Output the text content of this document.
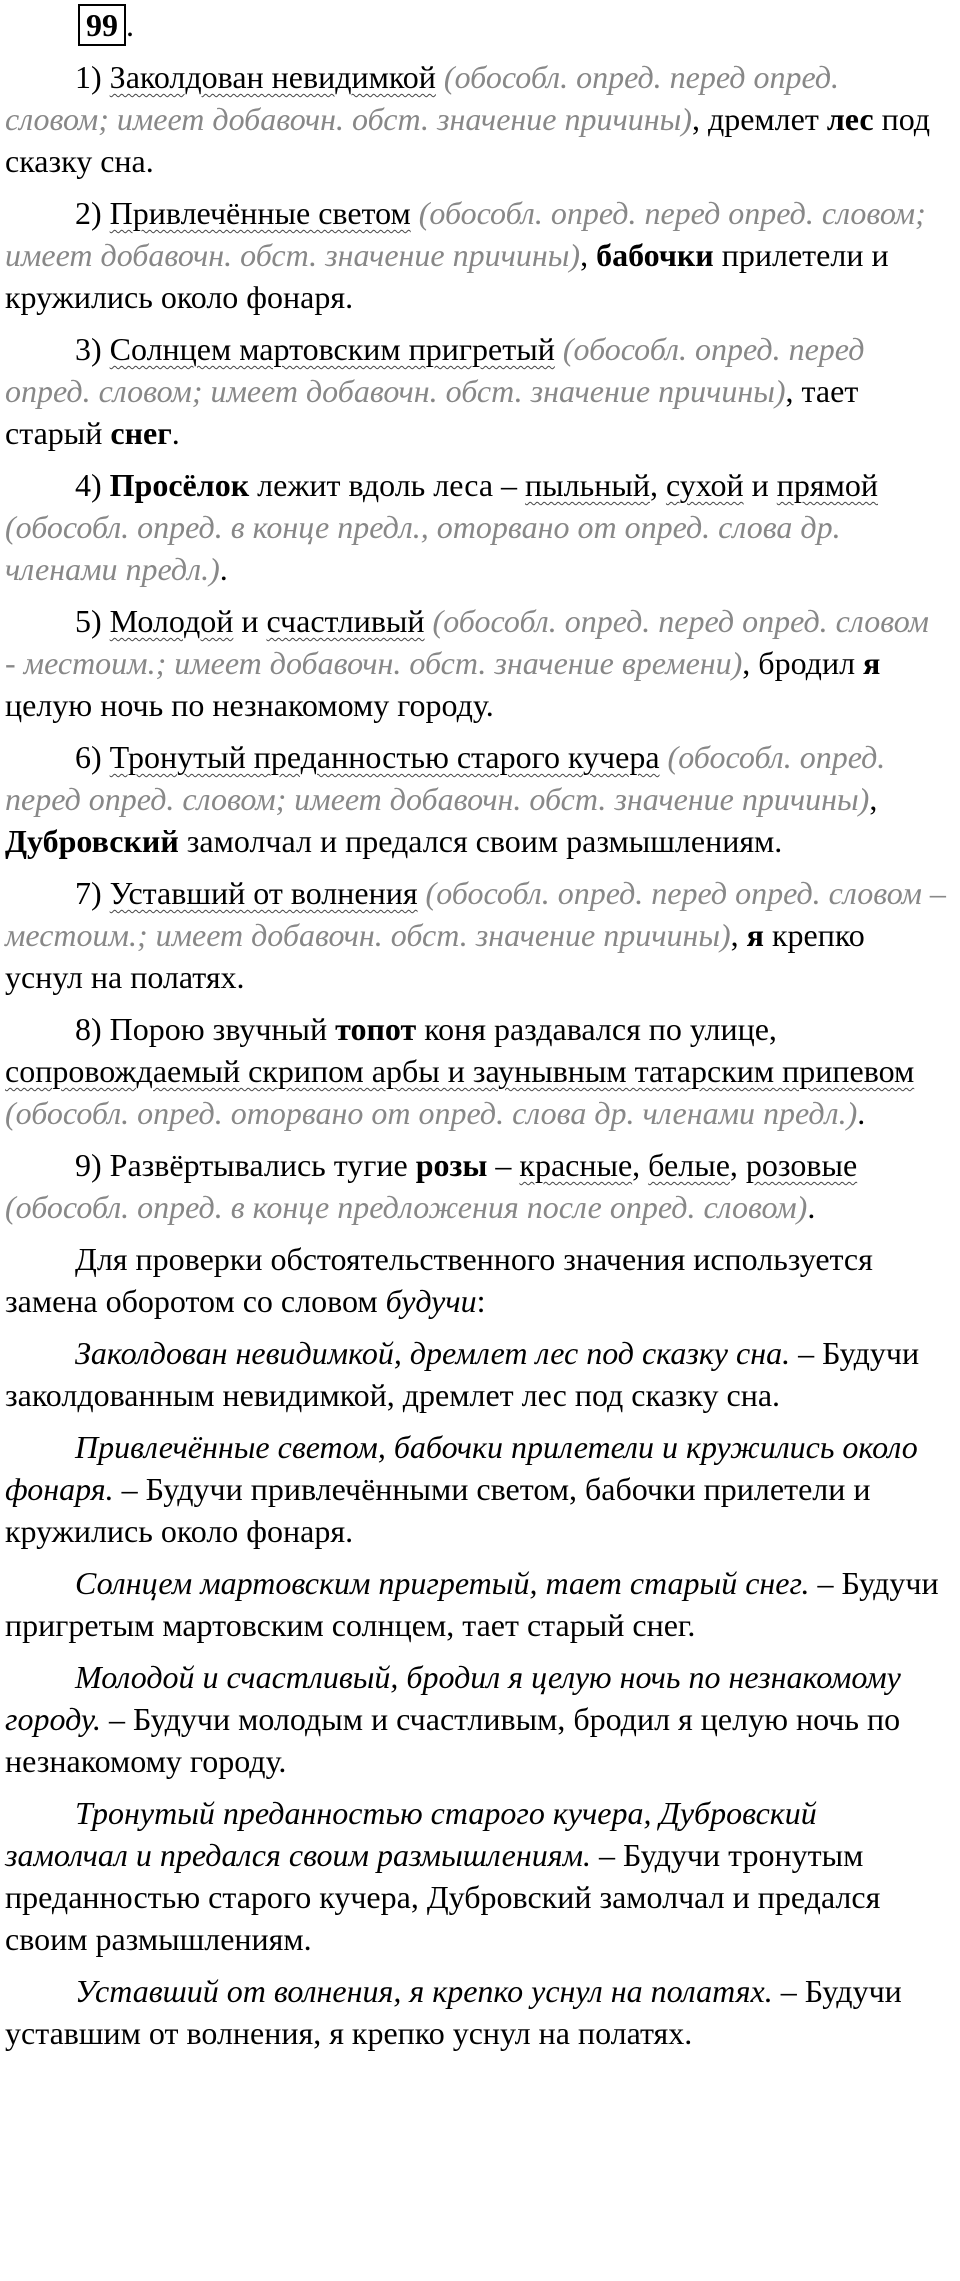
99 .

1) Заколдован невидимкой (обособл. опред. перед опред. словом; имеет добавочн. обст. значение причины), дремлет лес под сказку сна.

2) Привлечённые светом (обособл. опред. перед опред. словом; имеет добавочн. обст. значение причины), бабочки прилетели и кружились около фонаря.

3) Солнцем мартовским пригретый (обособл. опред. перед опред. словом; имеет добавочн. обст. значение причины), тает старый снег.

4) Просёлок лежит вдоль леса – пыльный, сухой и прямой (обособл. опред. в конце предл., оторвано от опред. слова др. членами предл.).

5) Молодой и счастливый (обособл. опред. перед опред. словом - местоим.; имеет добавочн. обст. значение времени), бродил я целую ночь по незнакомому городу.

6) Тронутый преданностью старого кучера (обособл. опред. перед опред. словом; имеет добавочн. обст. значение причины), Дубровский замолчал и предался своим размышлениям.

7) Уставший от волнения (обособл. опред. перед опред. словом – местоим.; имеет добавочн. обст. значение причины), я крепко уснул на полатях.

8) Порою звучный топот коня раздавался по улице, сопровождаемый скрипом арбы и заунывным татарским припевом (обособл. опред. оторвано от опред. слова др. членами предл.).

9) Развёртывались тугие розы – красные, белые, розовые (обособл. опред. в конце предложения после опред. словом).

Для проверки обстоятельственного значения используется замена оборотом со словом будучи:

Заколдован невидимкой, дремлет лес под сказку сна. – Будучи заколдованным невидимкой, дремлет лес под сказку сна.

Привлечённые светом, бабочки прилетели и кружились около фонаря. – Будучи привлечёнными светом, бабочки прилетели и кружились около фонаря.

Солнцем мартовским пригретый, тает старый снег. – Будучи пригретым мартовским солнцем, тает старый снег.

Молодой и счастливый, бродил я целую ночь по незнакомому городу. – Будучи молодым и счастливым, бродил я целую ночь по незнакомому городу.

Тронутый преданностью старого кучера, Дубровский замолчал и предался своим размышлениям. – Будучи тронутым преданностью старого кучера, Дубровский замолчал и предался своим размышлениям.

Уставший от волнения, я крепко уснул на полатях. – Будучи уставшим от волнения, я крепко уснул на полатях.
